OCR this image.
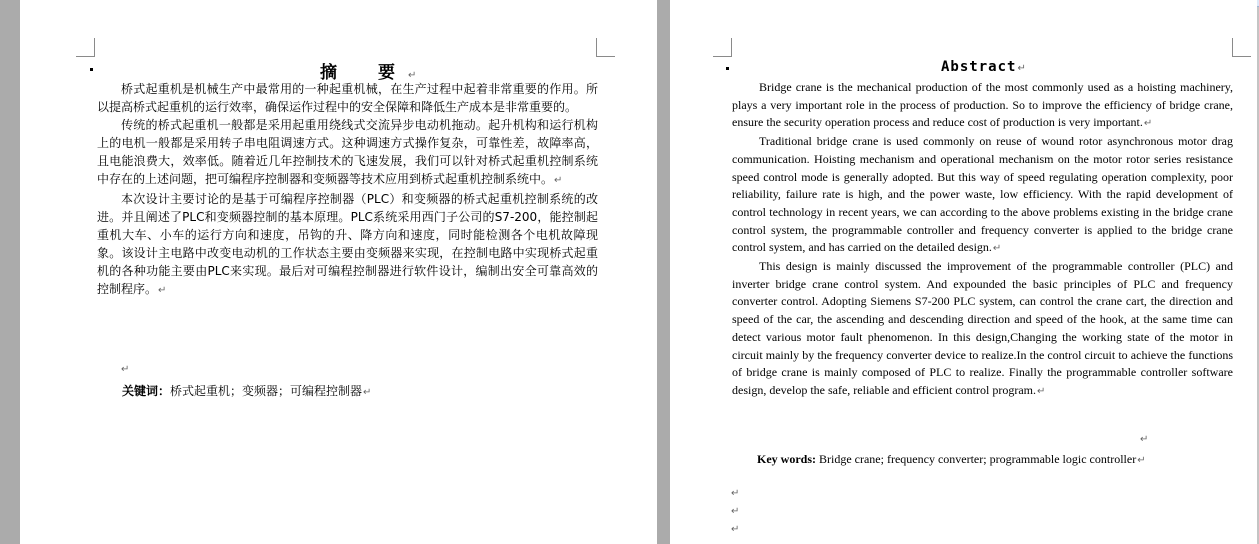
摘　要↵

桥式起重机是机械生产中最常用的一种起重机械，在生产过程中起着非常重要的作用。所以提高桥式起重机的运行效率，确保运作过程中的安全保障和降低生产成本是非常重要的。

传统的桥式起重机一般都是采用起重用绕线式交流异步电动机拖动。起升机构和运行机构上的电机一般都是采用转子串电阻调速方式。这种调速方式操作复杂，可靠性差，故障率高，且电能浪费大，效率低。随着近几年控制技术的飞速发展，我们可以针对桥式起重机控制系统中存在的上述问题，把可编程序控制器和变频器等技术应用到桥式起重机控制系统中。↵

本次设计主要讨论的是基于可编程序控制器（PLC）和变频器的桥式起重机控制系统的改进。并且阐述了PLC和变频器控制的基本原理。PLC系统采用西门子公司的S7-200，能控制起重机大车、小车的运行方向和速度，吊钩的升、降方向和速度，同时能检测各个电机故障现象。该设计主电路中改变电动机的工作状态主要由变频器来实现，在控制电路中实现桥式起重机的各种功能主要由PLC来实现。最后对可编程控制器进行软件设计，编制出安全可靠高效的控制程序。↵

↵
关键词：桥式起重机；变频器；可编程控制器↵
Abstract↵

Bridge crane is the mechanical production of the most commonly used as a hoisting machinery, plays a very important role in the process of production. So to improve the efficiency of bridge crane, ensure the security operation process and reduce cost of production is very important.↵

Traditional bridge crane is used commonly on reuse of wound rotor asynchronous motor drag communication. Hoisting mechanism and operational mechanism on the motor rotor series resistance speed control mode is generally adopted. But this way of speed regulating operation complexity, poor reliability, failure rate is high, and the power waste, low efficiency. With the rapid development of control technology in recent years, we can according to the above problems existing in the bridge crane control system, the programmable controller and frequency converter is applied to the bridge crane control system, and has carried on the detailed design.↵

This design is mainly discussed the improvement of the programmable controller (PLC) and inverter bridge crane control system. And expounded the basic principles of PLC and frequency converter control. Adopting Siemens S7-200 PLC system, can control the crane cart, the direction and speed of the car, the ascending and descending direction and speed of the hook, at the same time can detect various motor fault phenomenon. In this design,Changing the working state of the motor in circuit mainly by the frequency converter device to realize.In the control circuit to achieve the functions of bridge crane is mainly composed of PLC to realize. Finally the programmable controller software design, develop the safe, reliable and efficient control program.↵

↵
Key words: Bridge crane; frequency converter; programmable logic controller↵
↵
↵
↵
